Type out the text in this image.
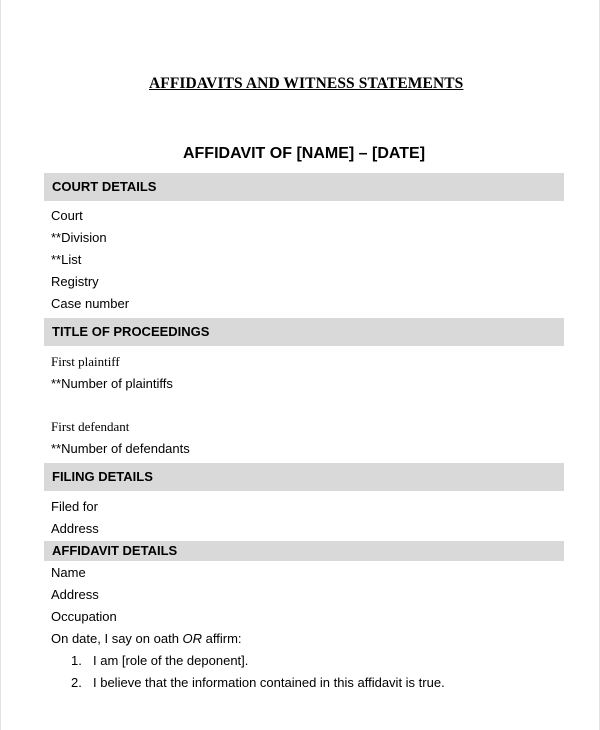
AFFIDAVITS AND WITNESS STATEMENTS
AFFIDAVIT OF [NAME] – [DATE]
COURT DETAILS
Court
**Division
**List
Registry
Case number
TITLE OF PROCEEDINGS
First plaintiff
**Number of plaintiffs
First defendant
**Number of defendants
FILING DETAILS
Filed for
Address
AFFIDAVIT DETAILS
Name
Address
Occupation
On date, I say on oath OR affirm:
1. I am [role of the deponent].
2. I believe that the information contained in this affidavit is true.
